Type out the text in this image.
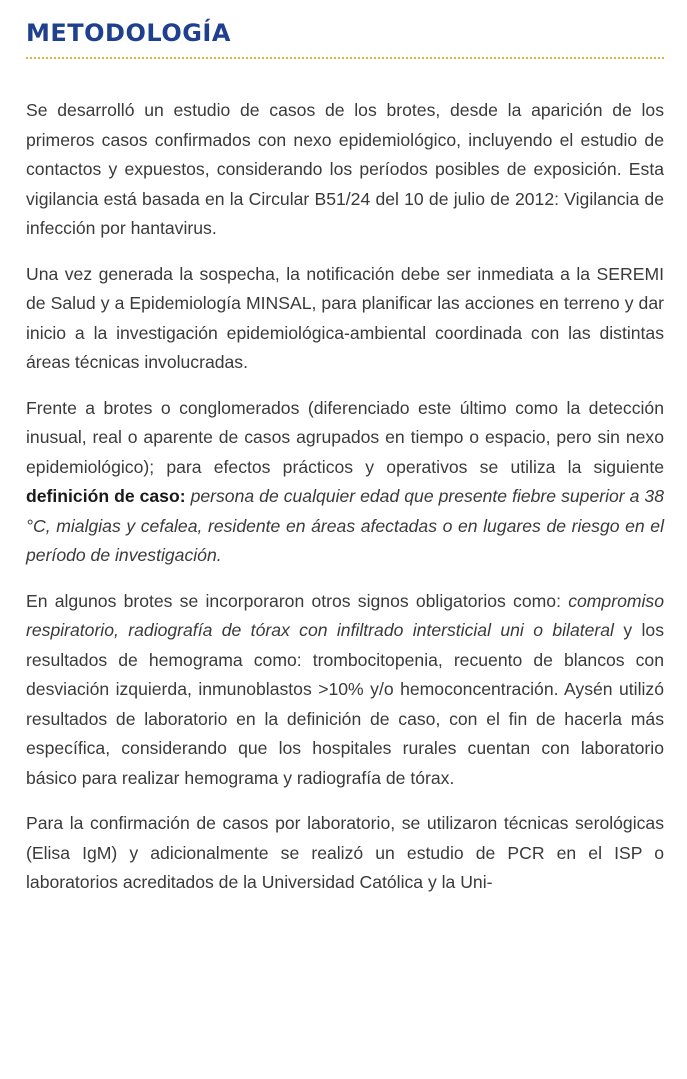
METODOLOGÍA

Se desarrolló un estudio de casos de los brotes, desde la aparición de los primeros casos confirmados con nexo epidemiológico, incluyendo el estudio de contactos y expuestos, considerando los períodos posibles de exposición. Esta vigilancia está basada en la Circular B51/24 del 10 de julio de 2012: Vigilancia de infección por hantavirus.

Una vez generada la sospecha, la notificación debe ser inmediata a la SEREMI de Salud y a Epidemiología MINSAL, para planificar las acciones en terreno y dar inicio a la investigación epidemiológica-ambiental coordinada con las distintas áreas técnicas involucradas.

Frente a brotes o conglomerados (diferenciado este último como la detección inusual, real o aparente de casos agrupados en tiempo o espacio, pero sin nexo epidemiológico); para efectos prácticos y operativos se utiliza la siguiente definición de caso: persona de cualquier edad que presente fiebre superior a 38 °C, mialgias y cefalea, residente en áreas afectadas o en lugares de riesgo en el período de investigación.

En algunos brotes se incorporaron otros signos obligatorios como: compromiso respiratorio, radiografía de tórax con infiltrado intersticial uni o bilateral y los resultados de hemograma como: trombocitopenia, recuento de blancos con desviación izquierda, inmunoblastos >10% y/o hemoconcentración. Aysén utilizó resultados de laboratorio en la definición de caso, con el fin de hacerla más específica, considerando que los hospitales rurales cuentan con laboratorio básico para realizar hemograma y radiografía de tórax.

Para la confirmación de casos por laboratorio, se utilizaron técnicas serológicas (Elisa IgM) y adicionalmente se realizó un estudio de PCR en el ISP o laboratorios acreditados de la Universidad Católica y la Uni-
